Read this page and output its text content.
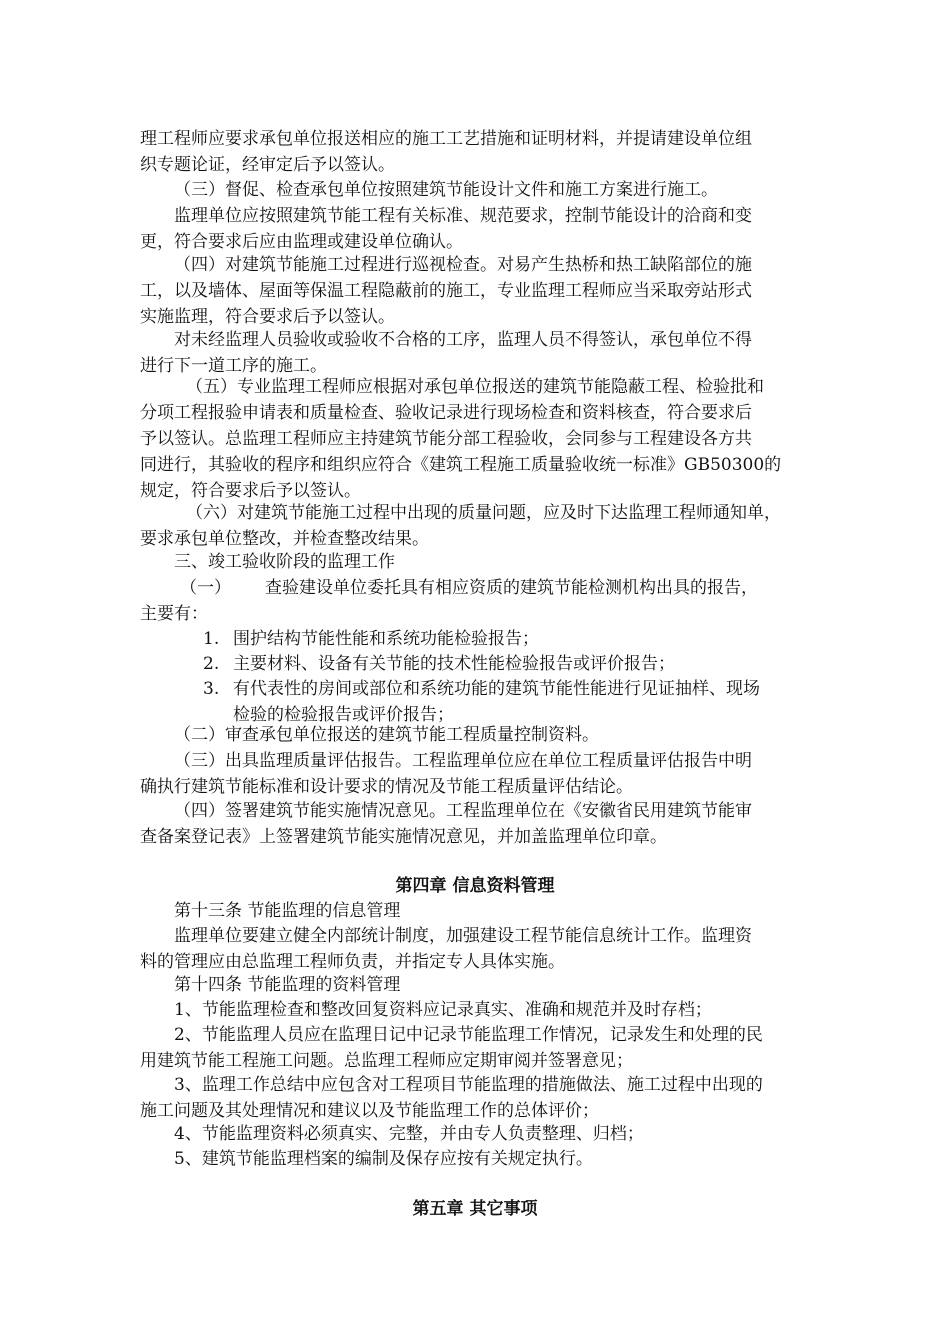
理工程师应要求承包单位报送相应的施工工艺措施和证明材料，并提请建设单位组
织专题论证，经审定后予以签认。

（三）督促、检查承包单位按照建筑节能设计文件和施工方案进行施工。

监理单位应按照建筑节能工程有关标准、规范要求，控制节能设计的洽商和变
更，符合要求后应由监理或建设单位确认。

（四）对建筑节能施工过程进行巡视检查。对易产生热桥和热工缺陷部位的施
工，以及墙体、屋面等保温工程隐蔽前的施工，专业监理工程师应当采取旁站形式
实施监理，符合要求后予以签认。

对未经监理人员验收或验收不合格的工序，监理人员不得签认，承包单位不得
进行下一道工序的施工。

（五）专业监理工程师应根据对承包单位报送的建筑节能隐蔽工程、检验批和
分项工程报验申请表和质量检查、验收记录进行现场检查和资料核查，符合要求后
予以签认。总监理工程师应主持建筑节能分部工程验收，会同参与工程建设各方共
同进行，其验收的程序和组织应符合《建筑工程施工质量验收统一标准》GB50300的
规定，符合要求后予以签认。

（六）对建筑节能施工过程中出现的质量问题，应及时下达监理工程师通知单，
要求承包单位整改，并检查整改结果。

三、竣工验收阶段的监理工作

（一） 查验建设单位委托具有相应资质的建筑节能检测机构出具的报告，
主要有：

1. 围护结构节能性能和系统功能检验报告；
2. 主要材料、设备有关节能的技术性能检验报告或评价报告；
3. 有代表性的房间或部位和系统功能的建筑节能性能进行见证抽样、现场
检验的检验报告或评价报告；

（二）审查承包单位报送的建筑节能工程质量控制资料。

（三）出具监理质量评估报告。工程监理单位应在单位工程质量评估报告中明
确执行建筑节能标准和设计要求的情况及节能工程质量评估结论。

（四）签署建筑节能实施情况意见。工程监理单位在《安徽省民用建筑节能审
查备案登记表》上签署建筑节能实施情况意见，并加盖监理单位印章。

第四章 信息资料管理

第十三条 节能监理的信息管理

监理单位要建立健全内部统计制度，加强建设工程节能信息统计工作。监理资
料的管理应由总监理工程师负责，并指定专人具体实施。

第十四条 节能监理的资料管理

1、节能监理检查和整改回复资料应记录真实、准确和规范并及时存档；

2、节能监理人员应在监理日记中记录节能监理工作情况，记录发生和处理的民
用建筑节能工程施工问题。总监理工程师应定期审阅并签署意见；

3、监理工作总结中应包含对工程项目节能监理的措施做法、施工过程中出现的
施工问题及其处理情况和建议以及节能监理工作的总体评价；

4、节能监理资料必须真实、完整，并由专人负责整理、归档；

5、建筑节能监理档案的编制及保存应按有关规定执行。

第五章 其它事项
